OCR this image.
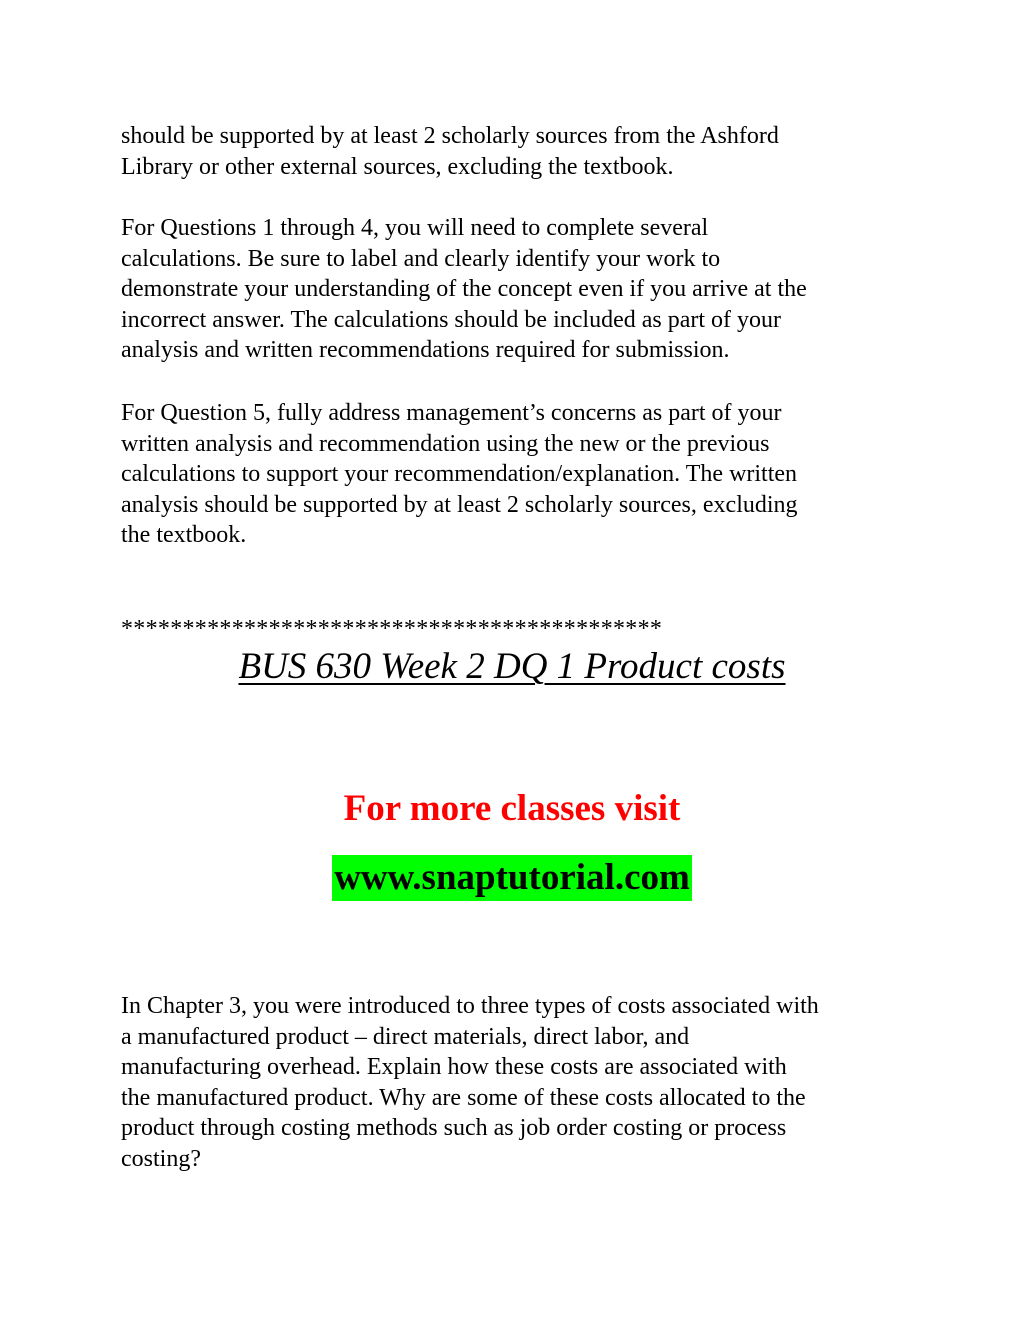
should be supported by at least 2 scholarly sources from the Ashford
Library or other external sources, excluding the textbook.

For Questions 1 through 4, you will need to complete several
calculations. Be sure to label and clearly identify your work to
demonstrate your understanding of the concept even if you arrive at the
incorrect answer. The calculations should be included as part of your
analysis and written recommendations required for submission.

For Question 5, fully address management’s concerns as part of your
written analysis and recommendation using the new or the previous
calculations to support your recommendation/explanation. The written
analysis should be supported by at least 2 scholarly sources, excluding
the textbook.

********************************************

BUS 630 Week 2 DQ 1 Product costs

For more classes visit

www.snaptutorial.com

In Chapter 3, you were introduced to three types of costs associated with
a manufactured product – direct materials, direct labor, and
manufacturing overhead. Explain how these costs are associated with
the manufactured product. Why are some of these costs allocated to the
product through costing methods such as job order costing or process
costing?
